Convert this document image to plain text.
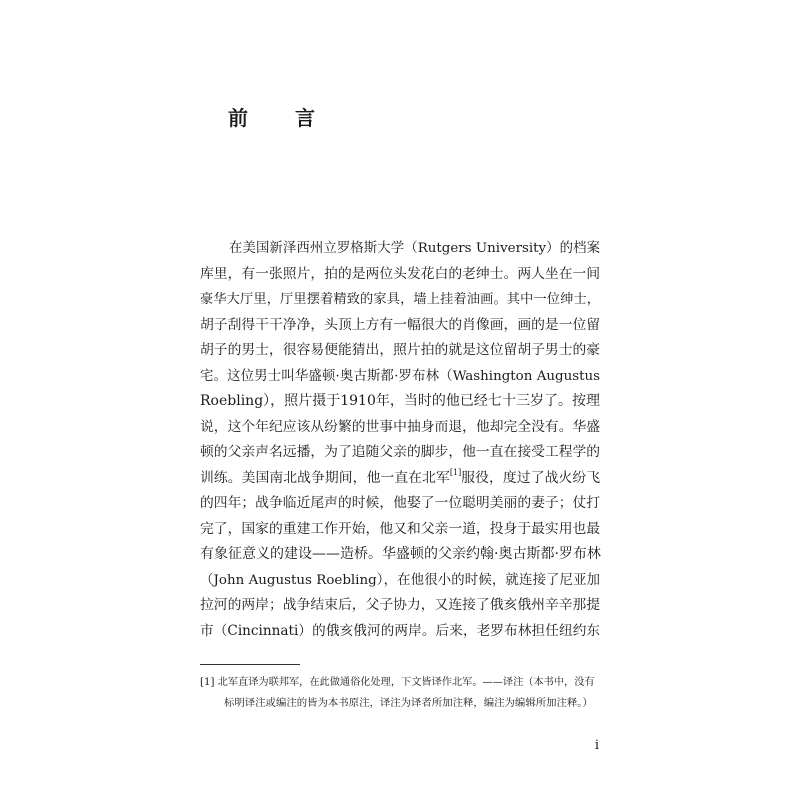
前 言
在美国新泽西州立罗格斯大学（Rutgers University）的档案
库里，有一张照片，拍的是两位头发花白的老绅士。两人坐在一间
豪华大厅里，厅里摆着精致的家具，墙上挂着油画。其中一位绅士，
胡子刮得干干净净，头顶上方有一幅很大的肖像画，画的是一位留
胡子的男士，很容易便能猜出，照片拍的就是这位留胡子男士的豪
宅。这位男士叫华盛顿·奥古斯都·罗布林（Washington Augustus
Roebling），照片摄于1910年，当时的他已经七十三岁了。按理
说，这个年纪应该从纷繁的世事中抽身而退，他却完全没有。华盛
顿的父亲声名远播，为了追随父亲的脚步，他一直在接受工程学的
训练。美国南北战争期间，他一直在北军[1]服役，度过了战火纷飞
的四年；战争临近尾声的时候，他娶了一位聪明美丽的妻子；仗打
完了，国家的重建工作开始，他又和父亲一道，投身于最实用也最
有象征意义的建设——造桥。华盛顿的父亲约翰·奥古斯都·罗布林
（John Augustus Roebling），在他很小的时候，就连接了尼亚加
拉河的两岸；战争结束后，父子协力，又连接了俄亥俄州辛辛那提
市（Cincinnati）的俄亥俄河的两岸。后来，老罗布林担任纽约东
[1] 北军直译为联邦军，在此做通俗化处理，下文皆译作北军。——译注（本书中，没有
标明译注或编注的皆为本书原注，译注为译者所加注释，编注为编辑所加注释。）
i
